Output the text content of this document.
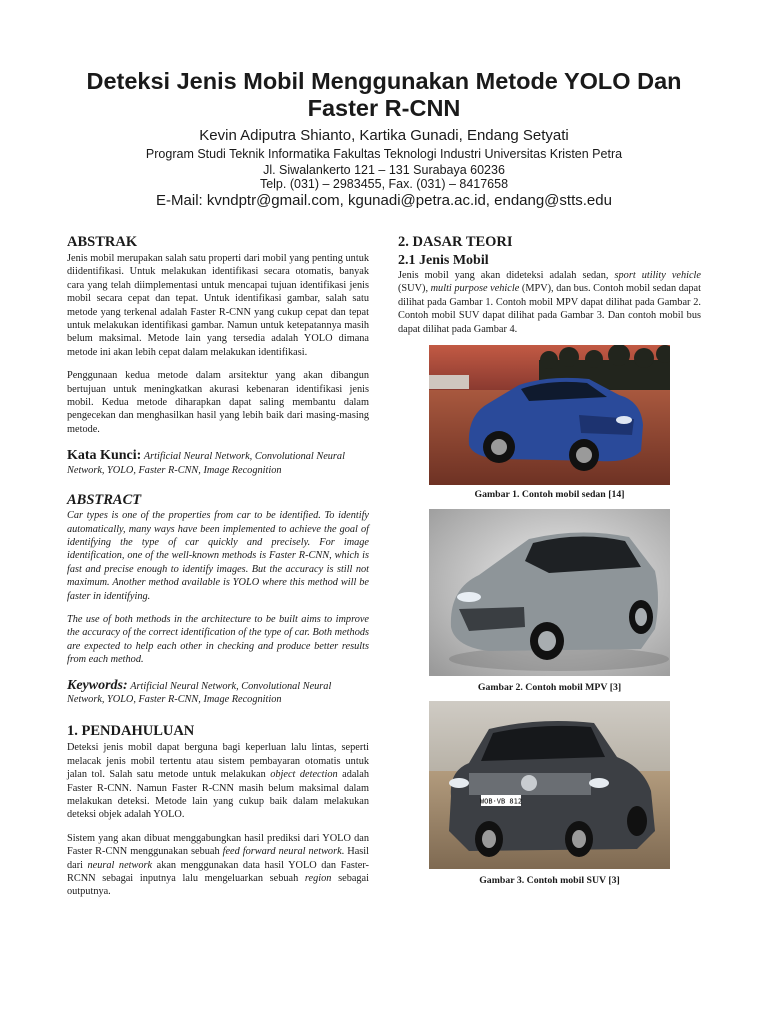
Deteksi Jenis Mobil Menggunakan Metode YOLO Dan Faster R-CNN
Kevin Adiputra Shianto, Kartika Gunadi, Endang Setyati
Program Studi Teknik Informatika Fakultas Teknologi Industri Universitas Kristen Petra
Jl. Siwalankerto 121 – 131 Surabaya 60236
Telp. (031) – 2983455, Fax. (031) – 8417658
E-Mail: kvndptr@gmail.com, kgunadi@petra.ac.id, endang@stts.edu
ABSTRAK

Jenis mobil merupakan salah satu properti dari mobil yang penting untuk diidentifikasi. Untuk melakukan identifikasi secara otomatis, banyak cara yang telah diimplementasi untuk mencapai tujuan identifikasi jenis mobil secara cepat dan tepat. Untuk identifikasi gambar, salah satu metode yang terkenal adalah Faster R-CNN yang cukup cepat dan tepat untuk melakukan identifikasi gambar. Namun untuk ketepatannya masih belum maksimal. Metode lain yang tersedia adalah YOLO dimana metode ini akan lebih cepat dalam melakukan identifikasi.

Penggunaan kedua metode dalam arsitektur yang akan dibangun bertujuan untuk meningkatkan akurasi kebenaran identifikasi jenis mobil. Kedua metode diharapkan dapat saling membantu dalam pengecekan dan menghasilkan hasil yang lebih baik dari masing-masing metode.

Kata Kunci: Artificial Neural Network, Convolutional Neural Network, YOLO, Faster R-CNN, Image Recognition
ABSTRACT

Car types is one of the properties from car to be identified. To identify automatically, many ways have been implemented to achieve the goal of identifying the type of car quickly and precisely. For image identification, one of the well-known methods is Faster R-CNN, which is fast and precise enough to identify images. But the accuracy is still not maximum. Another method available is YOLO where this method will be faster in identifying.

The use of both methods in the architecture to be built aims to improve the accuracy of the correct identification of the type of car. Both methods are expected to help each other in checking and produce better results from each method.

Keywords: Artificial Neural Network, Convolutional Neural Network, YOLO, Faster R-CNN, Image Recognition
1. PENDAHULUAN

Deteksi jenis mobil dapat berguna bagi keperluan lalu lintas, seperti melacak jenis mobil tertentu atau sistem pembayaran otomatis untuk jalan tol. Salah satu metode untuk melakukan object detection adalah Faster R-CNN. Namun Faster R-CNN masih belum maksimal dalam melakukan deteksi. Metode lain yang cukup baik dalam melakukan deteksi objek adalah YOLO.

Sistem yang akan dibuat menggabungkan hasil prediksi dari YOLO dan Faster R-CNN menggunakan sebuah feed forward neural network. Hasil dari neural network akan menggunakan data hasil YOLO dan Faster-RCNN sebagai inputnya lalu mengeluarkan sebuah region sebagai outputnya.

2. DASAR TEORI
2.1 Jenis Mobil

Jenis mobil yang akan dideteksi adalah sedan, sport utility vehicle (SUV), multi purpose vehicle (MPV), dan bus. Contoh mobil sedan dapat dilihat pada Gambar 1. Contoh mobil MPV dapat dilihat pada Gambar 2. Contoh mobil SUV dapat dilihat pada Gambar 3. Dan contoh mobil bus dapat dilihat pada Gambar 4.

Gambar 1. Contoh mobil sedan [14]
Gambar 2. Contoh mobil MPV [3]
WOB·VB 812
Gambar 3. Contoh mobil SUV [3]
